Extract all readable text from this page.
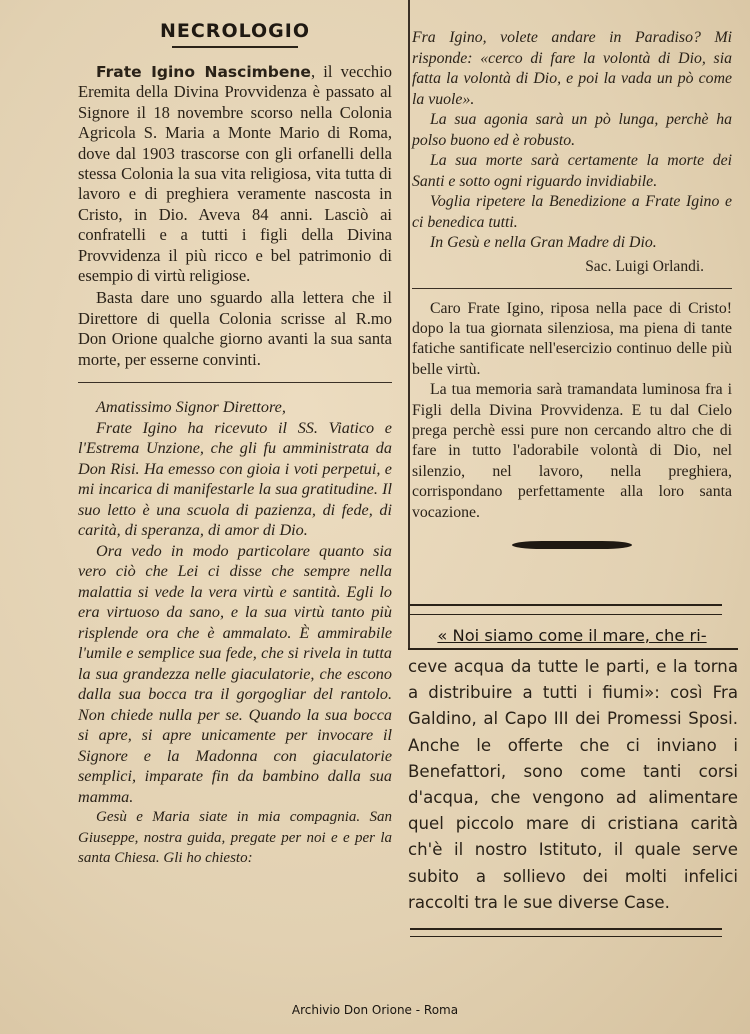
NECROLOGIO

Frate Igino Nascimbene, il vecchio Eremita della Divina Provvidenza è passato al Signore il 18 novembre scorso nella Colonia Agricola S. Maria a Monte Mario di Roma, dove dal 1903 trascorse con gli orfanelli della stessa Colonia la sua vita religiosa, vita tutta di lavoro e di preghiera veramente nascosta in Cristo, in Dio. Aveva 84 anni. Lasciò ai confratelli e a tutti i figli della Divina Provvidenza il più ricco e bel patrimonio di esempio di virtù religiose.

Basta dare uno sguardo alla lettera che il Direttore di quella Colonia scrisse al R.mo Don Orione qualche giorno avanti la sua santa morte, per esserne convinti.

Amatissimo Signor Direttore,

Frate Igino ha ricevuto il SS. Viatico e l'Estrema Unzione, che gli fu amministrata da Don Risi. Ha emesso con gioia i voti perpetui, e mi incarica di manifestarle la sua gratitudine. Il suo letto è una scuola di pazienza, di fede, di carità, di speranza, di amor di Dio.

Ora vedo in modo particolare quanto sia vero ciò che Lei ci disse che sempre nella malattia si vede la vera virtù e santità. Egli lo era virtuoso da sano, e la sua virtù tanto più risplende ora che è ammalato. È ammirabile l'umile e semplice sua fede, che si rivela in tutta la sua grandezza nelle giaculatorie, che escono dalla sua bocca tra il gorgogliar del rantolo. Non chiede nulla per se. Quando la sua bocca si apre, si apre unicamente per invocare il Signore e la Madonna con giaculatorie semplici, imparate fin da bambino dalla sua mamma.

Gesù e Maria siate in mia compagnia. San Giuseppe, nostra guida, pregate per noi e e per la santa Chiesa. Gli ho chiesto:

Fra Igino, volete andare in Paradiso? Mi risponde: «cerco di fare la volontà di Dio, sia fatta la volontà di Dio, e poi la vada un pò come la vuole».

La sua agonia sarà un pò lunga, perchè ha polso buono ed è robusto.

La sua morte sarà certamente la morte dei Santi e sotto ogni riguardo invidiabile.

Voglia ripetere la Benedizione a Frate Igino e ci benedica tutti.

In Gesù e nella Gran Madre di Dio.

Sac. Luigi Orlandi.

Caro Frate Igino, riposa nella pace di Cristo! dopo la tua giornata silenziosa, ma piena di tante fatiche santificate nell'esercizio continuo delle più belle virtù.

La tua memoria sarà tramandata luminosa fra i Figli della Divina Provvidenza. E tu dal Cielo prega perchè essi pure non cercando altro che di fare in tutto l'adorabile volontà di Dio, nel silenzio, nel lavoro, nella preghiera, corrispondano perfettamente alla loro santa vocazione.

« Noi siamo come il mare, che ri-

ceve acqua da tutte le parti, e la torna a distribuire a tutti i fiumi»: così Fra Galdino, al Capo III dei Promessi Sposi. Anche le offerte che ci inviano i Benefattori, sono come tanti corsi d'acqua, che vengono ad alimentare quel piccolo mare di cristiana carità ch'è il nostro Istituto, il quale serve subito a sollievo dei molti infelici raccolti tra le sue diverse Case.

Archivio Don Orione - Roma
